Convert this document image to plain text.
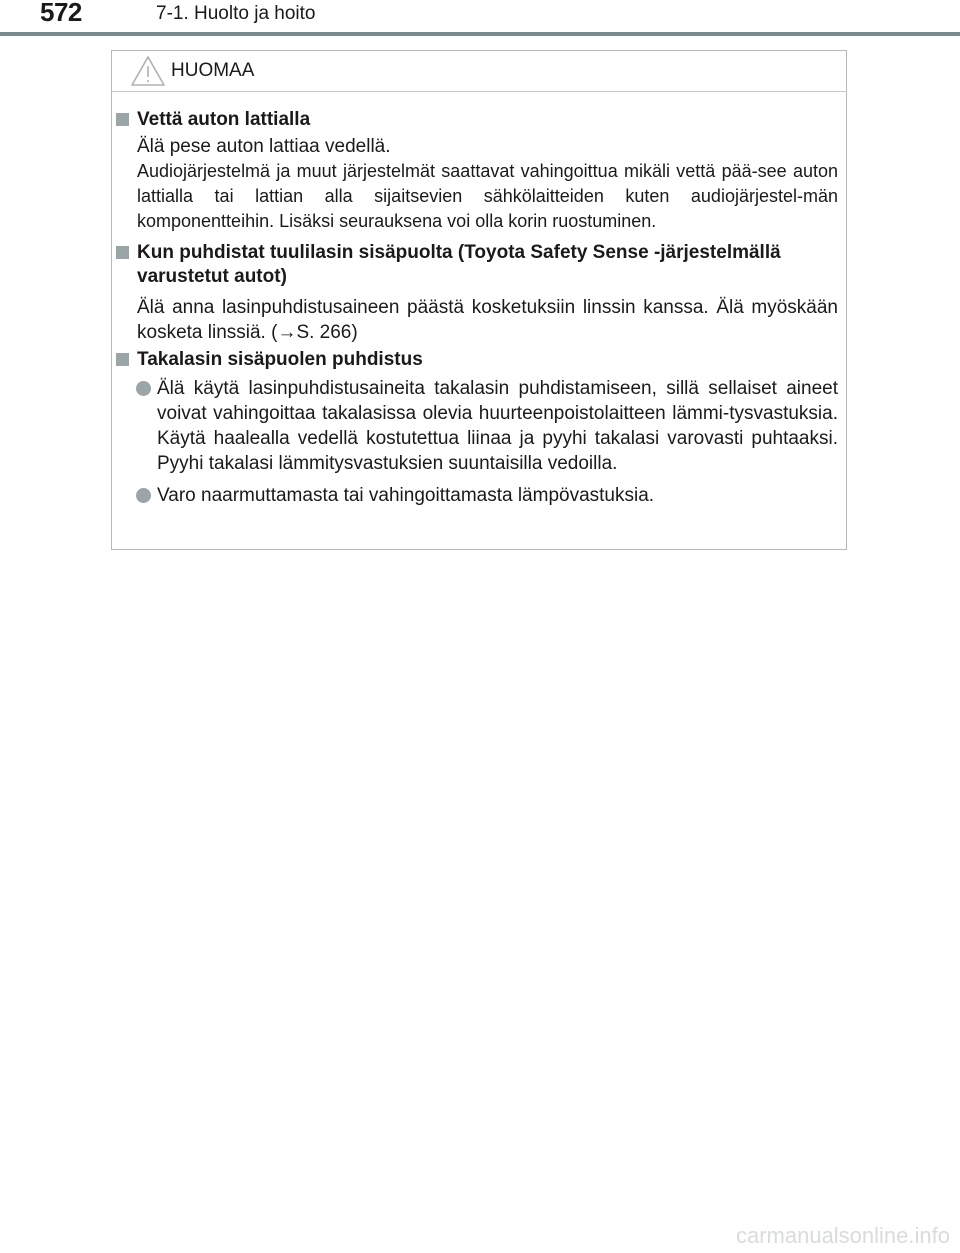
572	7-1. Huolto ja hoito
HUOMAA
Vettä auton lattialla
Älä pese auton lattiaa vedellä.
Audiojärjestelmä ja muut järjestelmät saattavat vahingoittua mikäli vettä pää-see auton lattialla tai lattian alla sijaitsevien sähkölaitteiden kuten audiojärjestel-män komponentteihin. Lisäksi seurauksena voi olla korin ruostuminen.
Kun puhdistat tuulilasin sisäpuolta (Toyota Safety Sense -järjestelmällä varustetut autot)
Älä anna lasinpuhdistusaineen päästä kosketuksiin linssin kanssa. Älä myöskään kosketa linssiä. (→S. 266)
Takalasin sisäpuolen puhdistus
Älä käytä lasinpuhdistusaineita takalasin puhdistamiseen, sillä sellaiset aineet voivat vahingoittaa takalasissa olevia huurteenpoistolaitteen lämmi-tysvastuksia. Käytä haalealla vedellä kostutettua liinaa ja pyyhi takalasi varovasti puhtaaksi. Pyyhi takalasi lämmitysvastuksien suuntaisilla vedoilla.
Varo naarmuttamasta tai vahingoittamasta lämpövastuksia.
carmanualsonline.info
